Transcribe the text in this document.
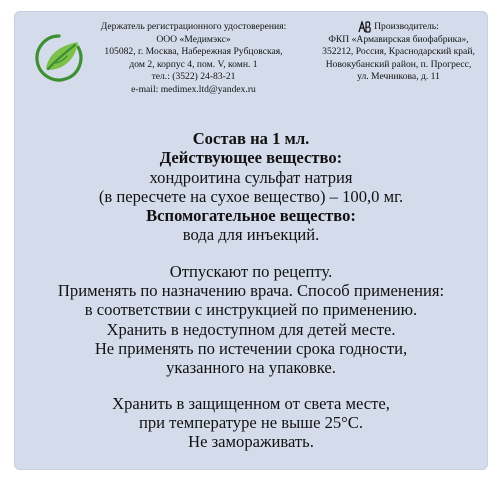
Держатель регистрационного удостоверения:
ООО «Медимэкс»
105082, г. Москва, Набережная Рубцовская,
дом 2, корпус 4, пом. V, комн. 1
тел.: (3522) 24-83-21
e-mail: medimex.ltd@yandex.ru
Производитель:
ФКП «Армавирская биофабрика»,
352212, Россия, Краснодарский край,
Новокубанский район, п. Прогресс,
ул. Мечникова, д. 11
Состав на 1 мл.
Действующее вещество:
хондроитина сульфат натрия
(в пересчете на сухое вещество) – 100,0 мг.
Вспомогательное вещество:
вода для инъекций.
Отпускают по рецепту.
Применять по назначению врача. Способ применения:
в соответствии с инструкцией по применению.
Хранить в недоступном для детей месте.
Не применять по истечении срока годности,
указанного на упаковке.
Хранить в защищенном от света месте,
при температуре не выше 25°С.
Не замораживать.
